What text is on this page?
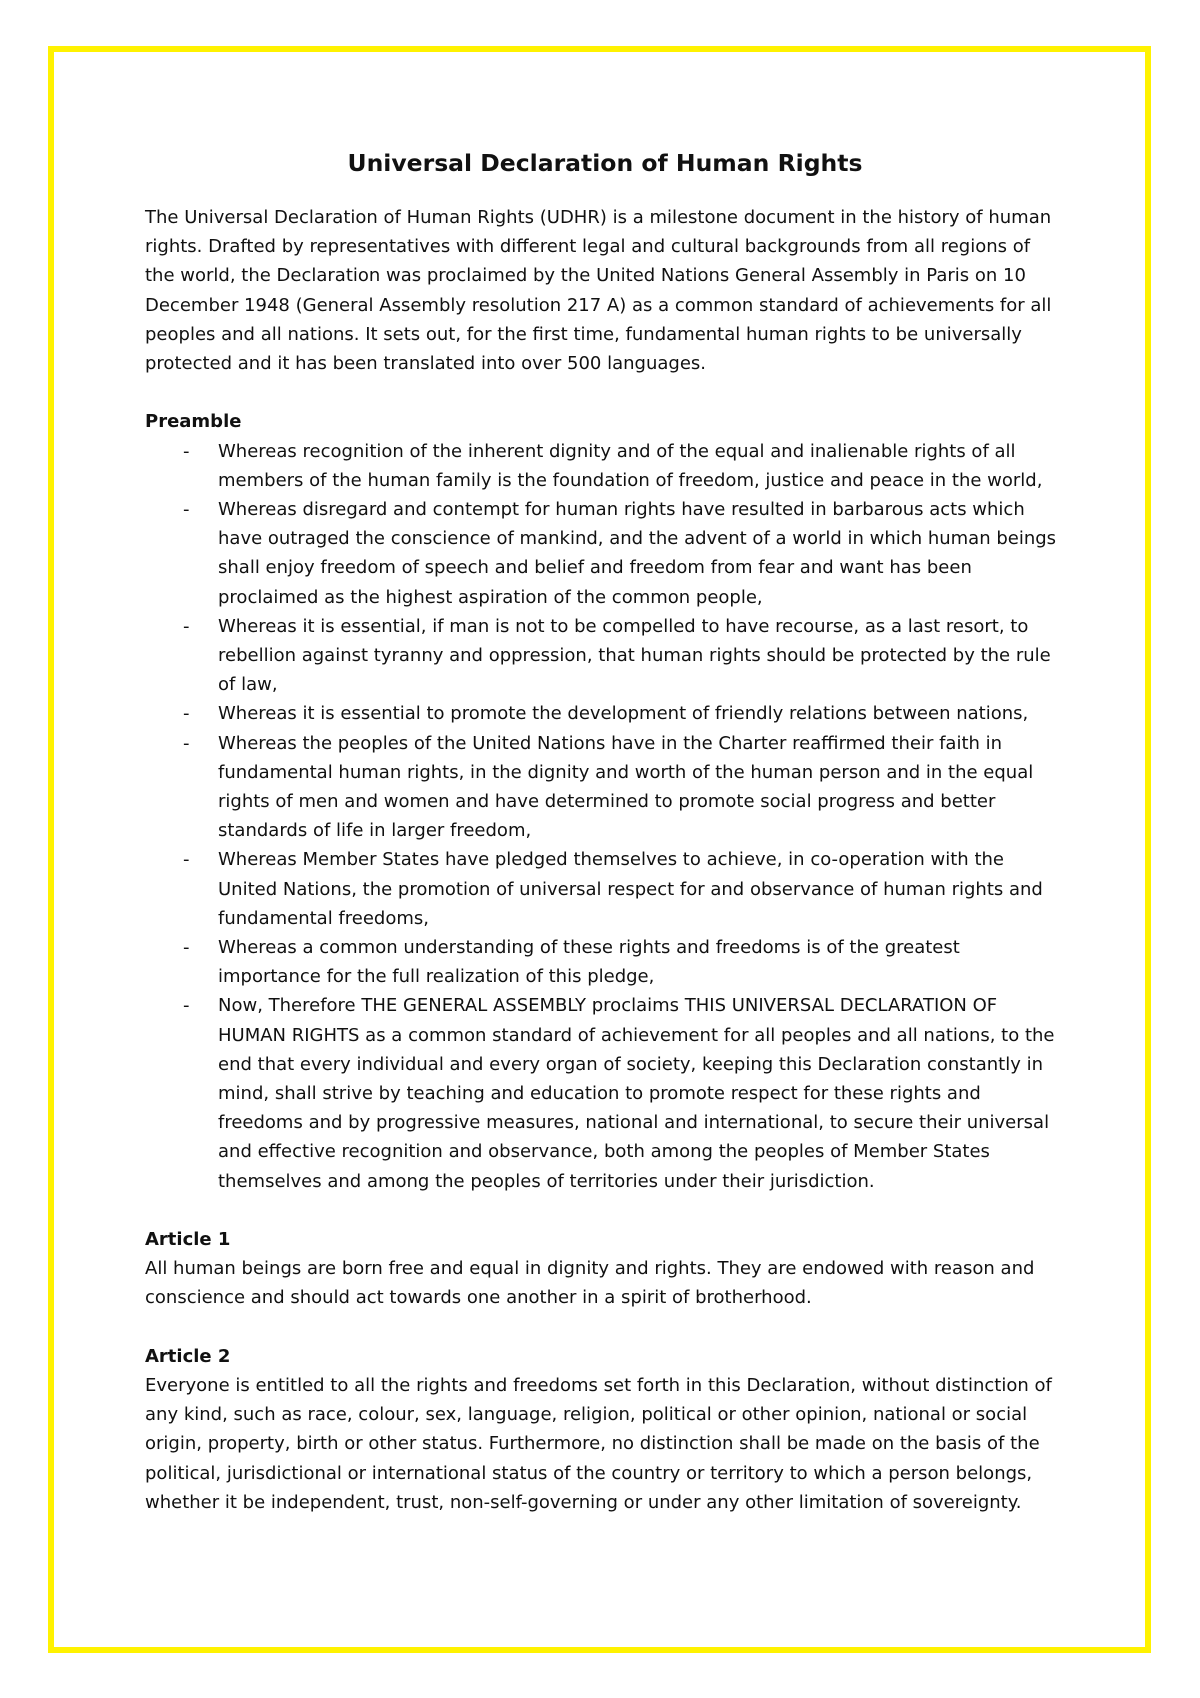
Universal Declaration of Human Rights

The Universal Declaration of Human Rights (UDHR) is a milestone document in the history of human rights. Drafted by representatives with different legal and cultural backgrounds from all regions of the world, the Declaration was proclaimed by the United Nations General Assembly in Paris on 10 December 1948 (General Assembly resolution 217 A) as a common standard of achievements for all peoples and all nations. It sets out, for the first time, fundamental human rights to be universally protected and it has been translated into over 500 languages.

Preamble

- Whereas recognition of the inherent dignity and of the equal and inalienable rights of all members of the human family is the foundation of freedom, justice and peace in the world,
- Whereas disregard and contempt for human rights have resulted in barbarous acts which have outraged the conscience of mankind, and the advent of a world in which human beings shall enjoy freedom of speech and belief and freedom from fear and want has been proclaimed as the highest aspiration of the common people,
- Whereas it is essential, if man is not to be compelled to have recourse, as a last resort, to rebellion against tyranny and oppression, that human rights should be protected by the rule of law,
- Whereas it is essential to promote the development of friendly relations between nations,
- Whereas the peoples of the United Nations have in the Charter reaffirmed their faith in fundamental human rights, in the dignity and worth of the human person and in the equal rights of men and women and have determined to promote social progress and better standards of life in larger freedom,
- Whereas Member States have pledged themselves to achieve, in co-operation with the United Nations, the promotion of universal respect for and observance of human rights and fundamental freedoms,
- Whereas a common understanding of these rights and freedoms is of the greatest importance for the full realization of this pledge,
- Now, Therefore THE GENERAL ASSEMBLY proclaims THIS UNIVERSAL DECLARATION OF HUMAN RIGHTS as a common standard of achievement for all peoples and all nations, to the end that every individual and every organ of society, keeping this Declaration constantly in mind, shall strive by teaching and education to promote respect for these rights and freedoms and by progressive measures, national and international, to secure their universal and effective recognition and observance, both among the peoples of Member States themselves and among the peoples of territories under their jurisdiction.

Article 1

All human beings are born free and equal in dignity and rights. They are endowed with reason and conscience and should act towards one another in a spirit of brotherhood.

Article 2

Everyone is entitled to all the rights and freedoms set forth in this Declaration, without distinction of any kind, such as race, colour, sex, language, religion, political or other opinion, national or social origin, property, birth or other status. Furthermore, no distinction shall be made on the basis of the political, jurisdictional or international status of the country or territory to which a person belongs, whether it be independent, trust, non-self-governing or under any other limitation of sovereignty.
